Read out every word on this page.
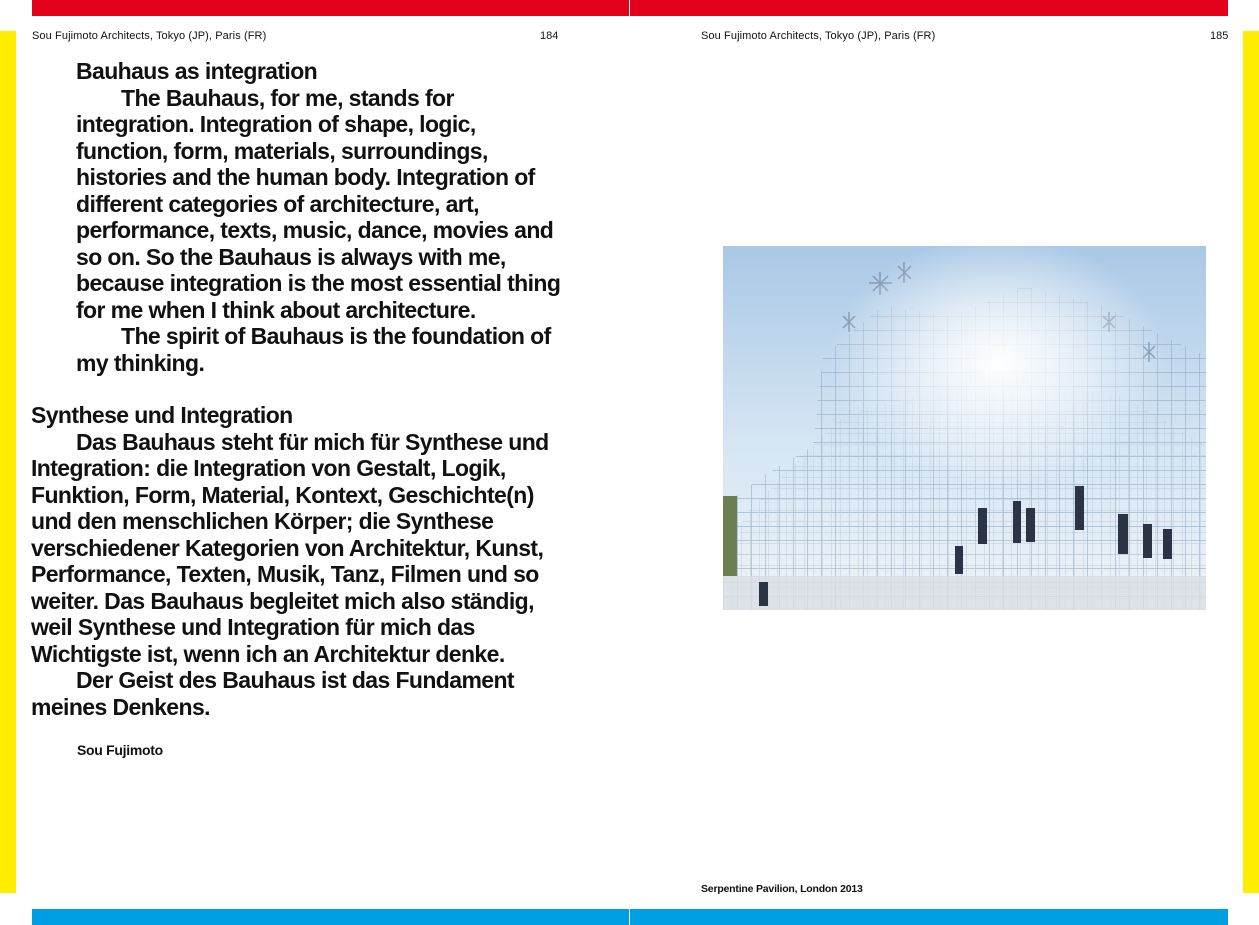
Sou Fujimoto Architects, Tokyo (JP), Paris (FR)	184	Sou Fujimoto Architects, Tokyo (JP), Paris (FR)	185
Bauhaus as integration

The Bauhaus, for me, stands for integration. Integration of shape, logic, function, form, materials, surroundings, histories and the human body. Integration of different categories of architecture, art, performance, texts, music, dance, movies and so on. So the Bauhaus is always with me, because integration is the most essential thing for me when I think about architecture.

The spirit of Bauhaus is the foundation of my thinking.

Synthese und Integration

Das Bauhaus steht für mich für Synthese und Integration: die Integration von Gestalt, Logik, Funktion, Form, Material, Kontext, Geschichte(n) und den menschlichen Körper; die Synthese verschiedener Kategorien von Architektur, Kunst, Performance, Texten, Musik, Tanz, Filmen und so weiter. Das Bauhaus begleitet mich also ständig, weil Synthese und Integration für mich das Wichtigste ist, wenn ich an Architektur denke.

Der Geist des Bauhaus ist das Fundament meines Denkens.

Sou Fujimoto
Serpentine Pavilion, London 2013
